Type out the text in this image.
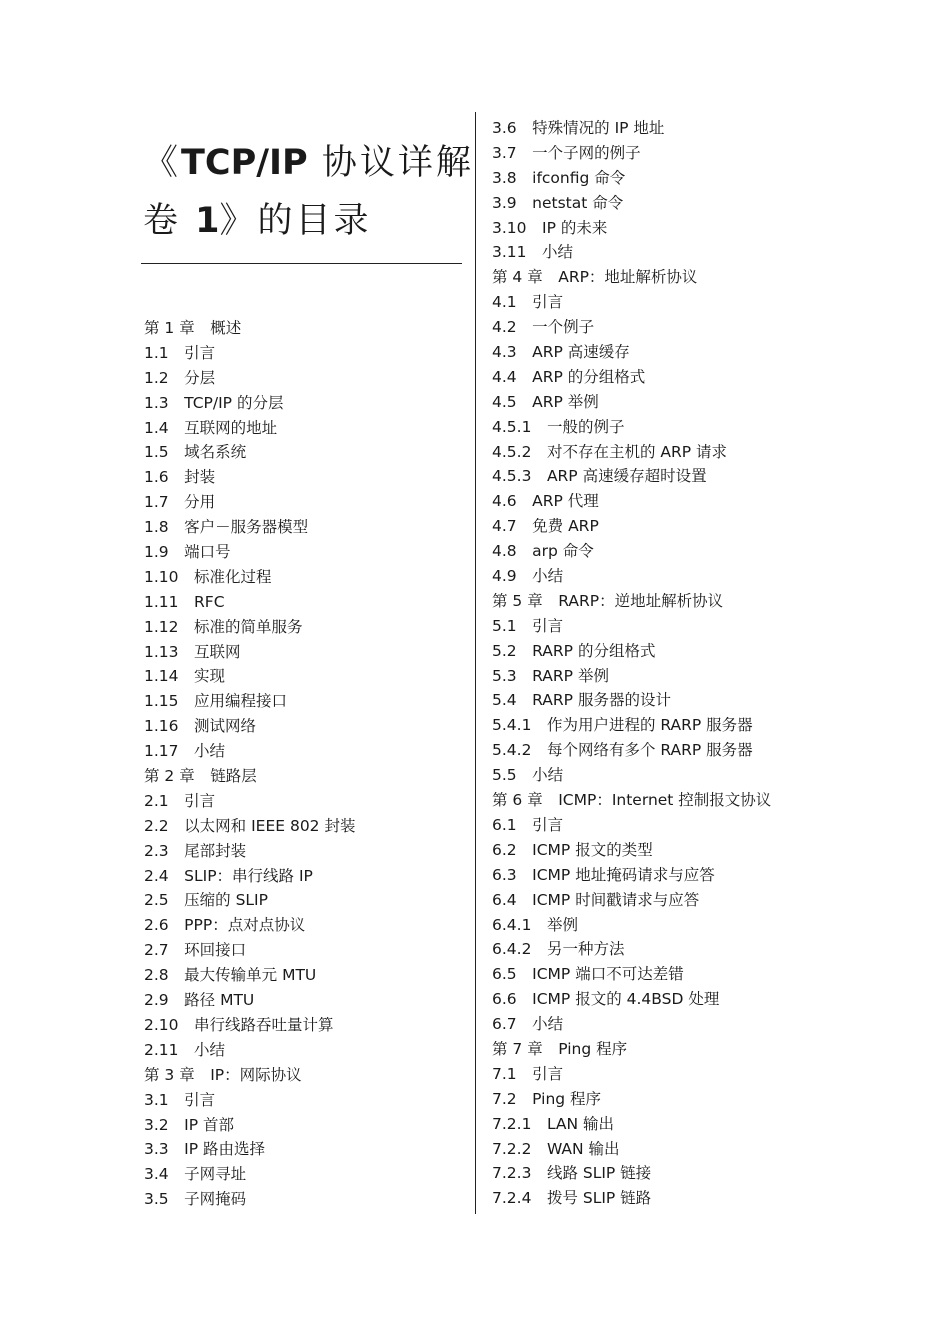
《TCP/IP 协议详解
卷 1》的目录
第 1 章　概述
1.1　引言
1.2　分层
1.3　TCP/IP 的分层
1.4　互联网的地址
1.5　域名系统
1.6　封装
1.7　分用
1.8　客户－服务器模型
1.9　端口号
1.10　标准化过程
1.11　RFC
1.12　标准的简单服务
1.13　互联网
1.14　实现
1.15　应用编程接口
1.16　测试网络
1.17　小结
第 2 章　链路层
2.1　引言
2.2　以太网和 IEEE 802 封装
2.3　尾部封装
2.4　SLIP：串行线路 IP
2.5　压缩的 SLIP
2.6　PPP：点对点协议
2.7　环回接口
2.8　最大传输单元 MTU
2.9　路径 MTU
2.10　串行线路吞吐量计算
2.11　小结
第 3 章　IP：网际协议
3.1　引言
3.2　IP 首部
3.3　IP 路由选择
3.4　子网寻址
3.5　子网掩码
3.6　特殊情况的 IP 地址
3.7　一个子网的例子
3.8　ifconfig 命令
3.9　netstat 命令
3.10　IP 的未来
3.11　小结
第 4 章　ARP：地址解析协议
4.1　引言
4.2　一个例子
4.3　ARP 高速缓存
4.4　ARP 的分组格式
4.5　ARP 举例
4.5.1　一般的例子
4.5.2　对不存在主机的 ARP 请求
4.5.3　ARP 高速缓存超时设置
4.6　ARP 代理
4.7　免费 ARP
4.8　arp 命令
4.9　小结
第 5 章　RARP：逆地址解析协议
5.1　引言
5.2　RARP 的分组格式
5.3　RARP 举例
5.4　RARP 服务器的设计
5.4.1　作为用户进程的 RARP 服务器
5.4.2　每个网络有多个 RARP 服务器
5.5　小结
第 6 章　ICMP：Internet 控制报文协议
6.1　引言
6.2　ICMP 报文的类型
6.3　ICMP 地址掩码请求与应答
6.4　ICMP 时间戳请求与应答
6.4.1　举例
6.4.2　另一种方法
6.5　ICMP 端口不可达差错
6.6　ICMP 报文的 4.4BSD 处理
6.7　小结
第 7 章　Ping 程序
7.1　引言
7.2　Ping 程序
7.2.1　LAN 输出
7.2.2　WAN 输出
7.2.3　线路 SLIP 链接
7.2.4　拨号 SLIP 链路
